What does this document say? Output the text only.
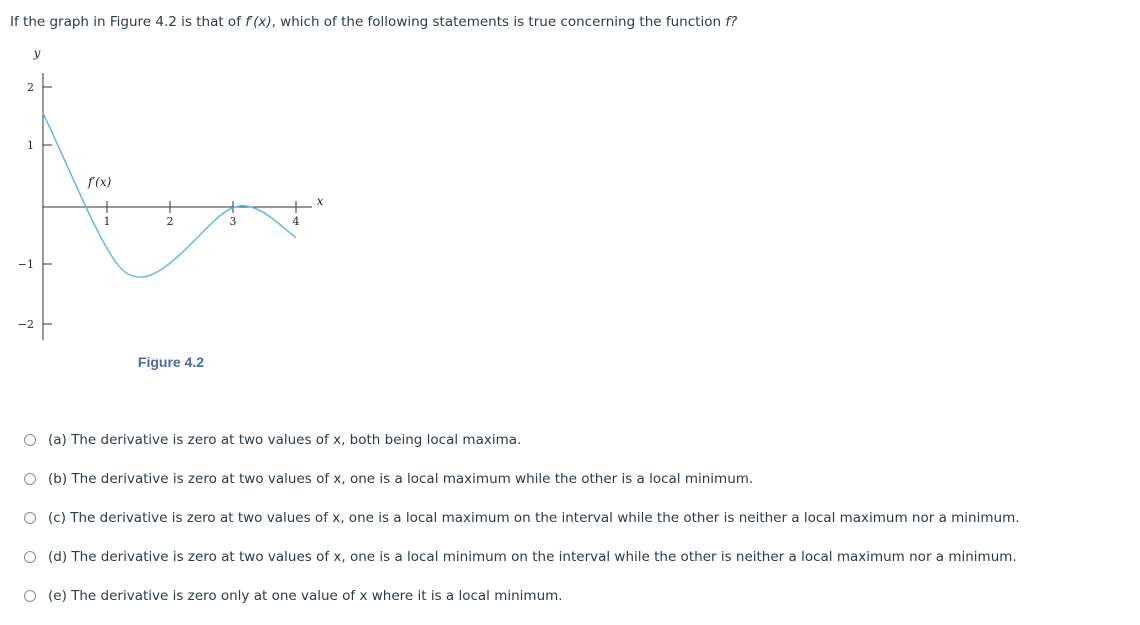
If the graph in Figure 4.2 is that of f′(x), which of the following statements is true concerning the function f?
y
2
1
−1
−2
1	2	3	4
x
f′(x)
Figure 4.2
(a) The derivative is zero at two values of x, both being local maxima.
(b) The derivative is zero at two values of x, one is a local maximum while the other is a local minimum.
(c) The derivative is zero at two values of x, one is a local maximum on the interval while the other is neither a local maximum nor a minimum.
(d) The derivative is zero at two values of x, one is a local minimum on the interval while the other is neither a local maximum nor a minimum.
(e) The derivative is zero only at one value of x where it is a local minimum.
